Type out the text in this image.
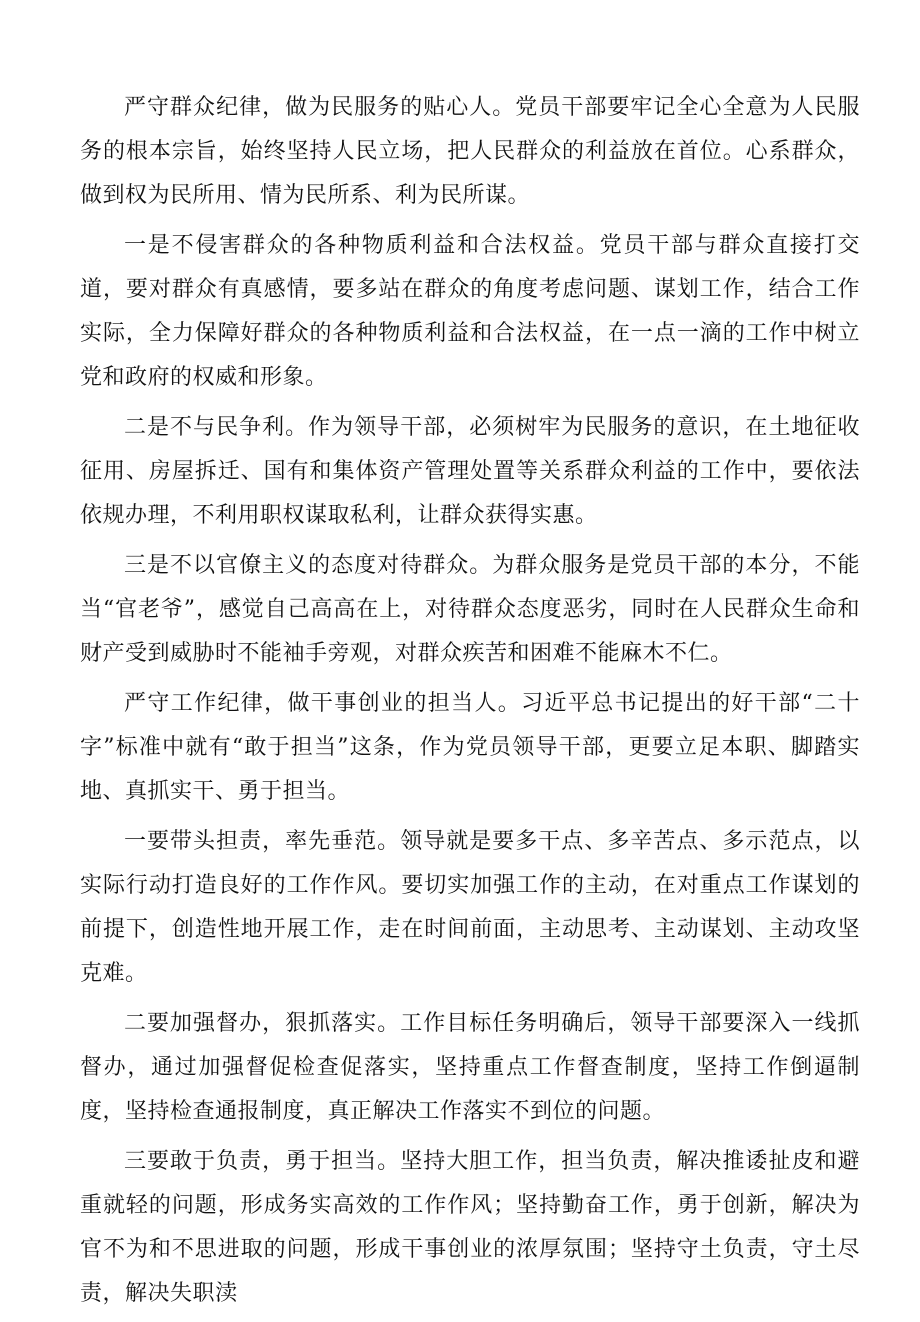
严守群众纪律，做为民服务的贴心人。党员干部要牢记全心全意为人民服务的根本宗旨，始终坚持人民立场，把人民群众的利益放在首位。心系群众，做到权为民所用、情为民所系、利为民所谋。

一是不侵害群众的各种物质利益和合法权益。党员干部与群众直接打交道，要对群众有真感情，要多站在群众的角度考虑问题、谋划工作，结合工作实际，全力保障好群众的各种物质利益和合法权益，在一点一滴的工作中树立党和政府的权威和形象。

二是不与民争利。作为领导干部，必须树牢为民服务的意识，在土地征收征用、房屋拆迁、国有和集体资产管理处置等关系群众利益的工作中，要依法依规办理，不利用职权谋取私利，让群众获得实惠。

三是不以官僚主义的态度对待群众。为群众服务是党员干部的本分，不能当“官老爷”，感觉自己高高在上，对待群众态度恶劣，同时在人民群众生命和财产受到威胁时不能袖手旁观，对群众疾苦和困难不能麻木不仁。

严守工作纪律，做干事创业的担当人。习近平总书记提出的好干部“二十字”标准中就有“敢于担当”这条，作为党员领导干部，更要立足本职、脚踏实地、真抓实干、勇于担当。

一要带头担责，率先垂范。领导就是要多干点、多辛苦点、多示范点，以实际行动打造良好的工作作风。要切实加强工作的主动，在对重点工作谋划的前提下，创造性地开展工作，走在时间前面，主动思考、主动谋划、主动攻坚克难。

二要加强督办，狠抓落实。工作目标任务明确后，领导干部要深入一线抓督办，通过加强督促检查促落实，坚持重点工作督查制度，坚持工作倒逼制度，坚持检查通报制度，真正解决工作落实不到位的问题。

三要敢于负责，勇于担当。坚持大胆工作，担当负责，解决推诿扯皮和避重就轻的问题，形成务实高效的工作作风；坚持勤奋工作，勇于创新，解决为官不为和不思进取的问题，形成干事创业的浓厚氛围；坚持守土负责，守土尽责，解决失职渎
